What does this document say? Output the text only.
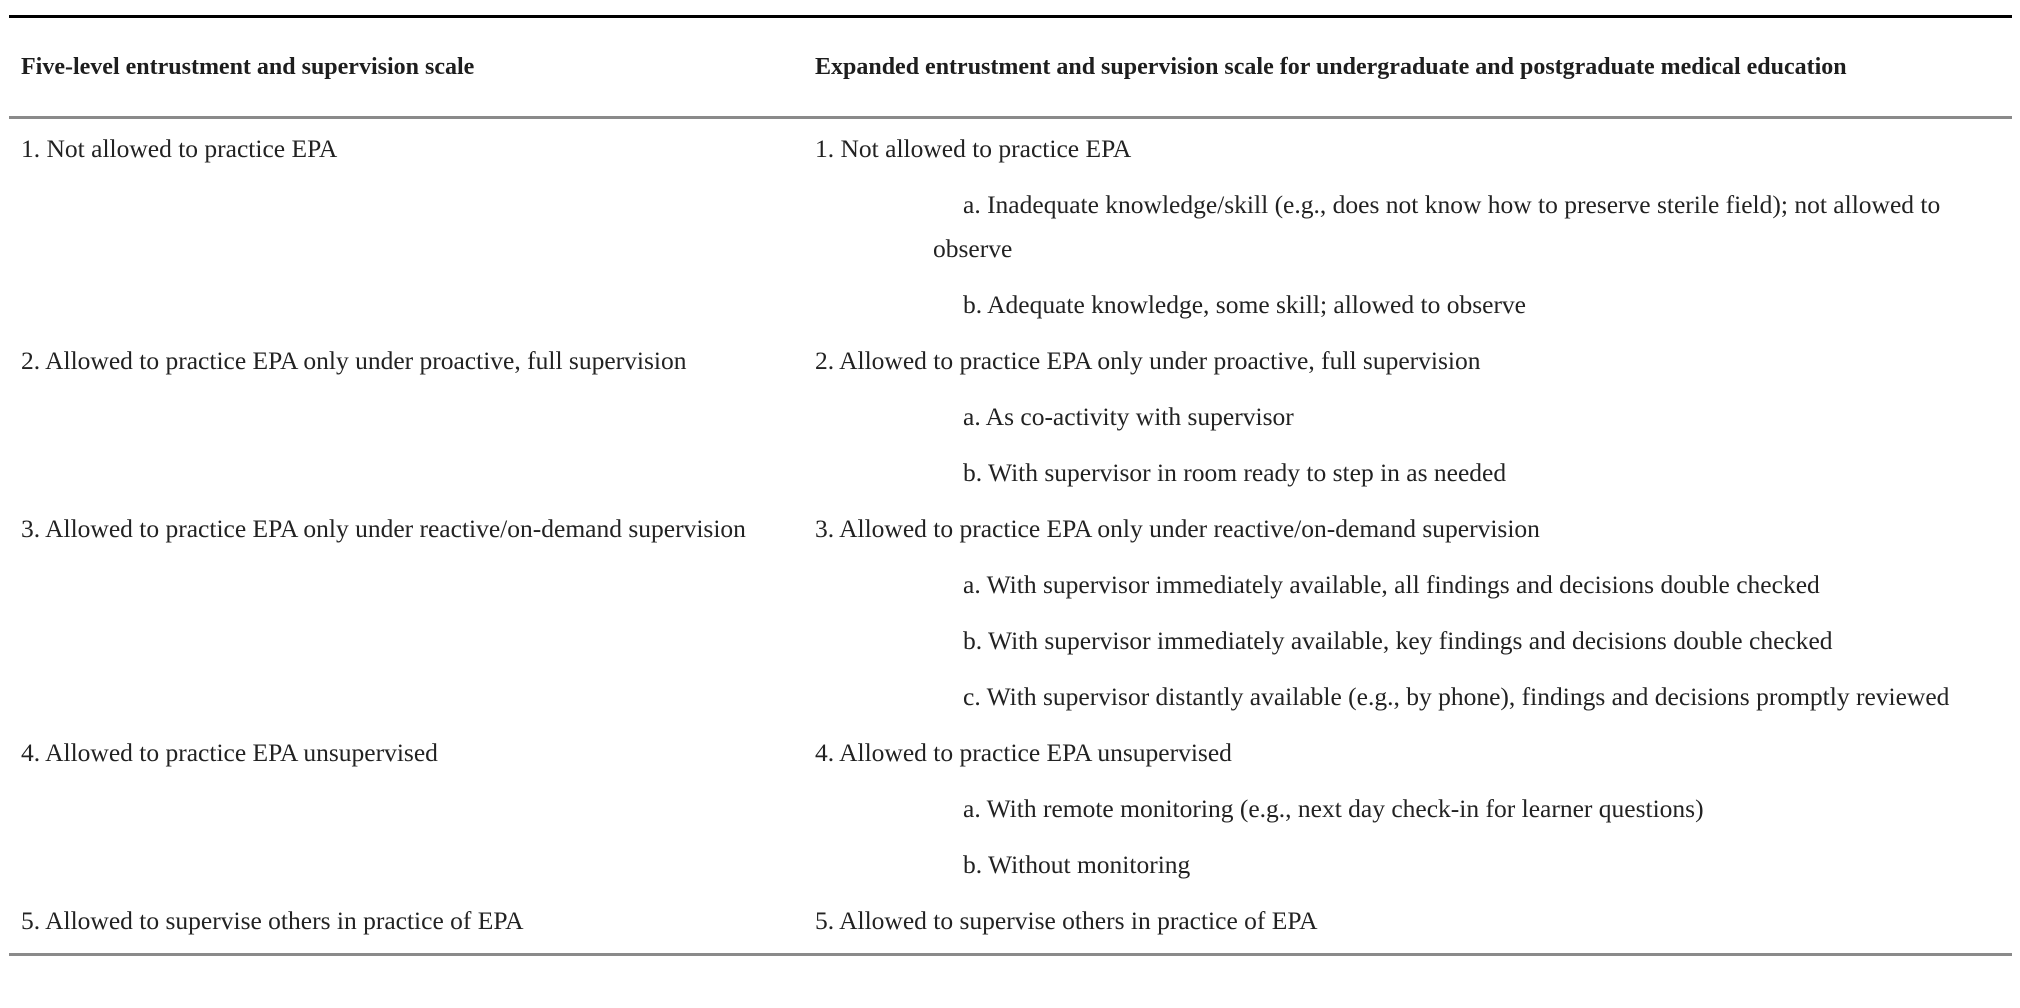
Five-level entrustment and supervision scale	Expanded entrustment and supervision scale for undergraduate and postgraduate medical education

1. Not allowed to practice EPA	1. Not allowed to practice EPA
a. Inadequate knowledge/skill (e.g., does not know how to preserve sterile field); not allowed to observe
b. Adequate knowledge, some skill; allowed to observe

2. Allowed to practice EPA only under proactive, full supervision	2. Allowed to practice EPA only under proactive, full supervision
a. As co-activity with supervisor
b. With supervisor in room ready to step in as needed

3. Allowed to practice EPA only under reactive/on-demand supervision	3. Allowed to practice EPA only under reactive/on-demand supervision
a. With supervisor immediately available, all findings and decisions double checked
b. With supervisor immediately available, key findings and decisions double checked
c. With supervisor distantly available (e.g., by phone), findings and decisions promptly reviewed

4. Allowed to practice EPA unsupervised	4. Allowed to practice EPA unsupervised
a. With remote monitoring (e.g., next day check-in for learner questions)
b. Without monitoring

5. Allowed to supervise others in practice of EPA	5. Allowed to supervise others in practice of EPA
